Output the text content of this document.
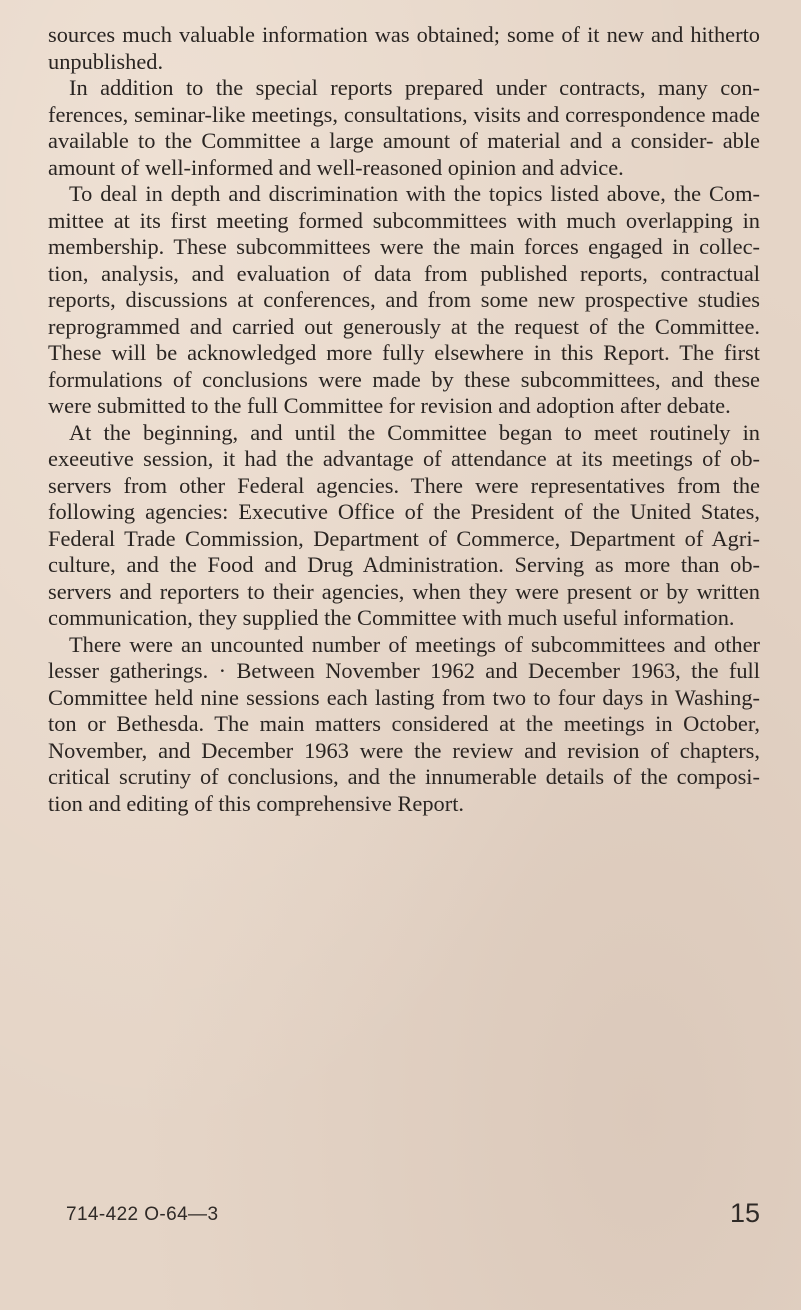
sources much valuable information was obtained; some of it new and hitherto unpublished.

In addition to the special reports prepared under contracts, many con- ferences, seminar-like meetings, consultations, visits and correspondence made available to the Committee a large amount of material and a consider- able amount of well-informed and well-reasoned opinion and advice.

To deal in depth and discrimination with the topics listed above, the Com- mittee at its first meeting formed subcommittees with much overlapping in membership. These subcommittees were the main forces engaged in collec- tion, analysis, and evaluation of data from published reports, contractual reports, discussions at conferences, and from some new prospective studies reprogrammed and carried out generously at the request of the Committee. These will be acknowledged more fully elsewhere in this Report. The first formulations of conclusions were made by these subcommittees, and these were submitted to the full Committee for revision and adoption after debate.

At the beginning, and until the Committee began to meet routinely in exeeutive session, it had the advantage of attendance at its meetings of ob- servers from other Federal agencies. There were representatives from the following agencies: Executive Office of the President of the United States, Federal Trade Commission, Department of Commerce, Department of Agri- culture, and the Food and Drug Administration. Serving as more than ob- servers and reporters to their agencies, when they were present or by written communication, they supplied the Committee with much useful information.

There were an uncounted number of meetings of subcommittees and other lesser gatherings. · Between November 1962 and December 1963, the full Committee held nine sessions each lasting from two to four days in Washing- ton or Bethesda. The main matters considered at the meetings in October, November, and December 1963 were the review and revision of chapters, critical scrutiny of conclusions, and the innumerable details of the composi- tion and editing of this comprehensive Report.

714-422 O-64—3	15
